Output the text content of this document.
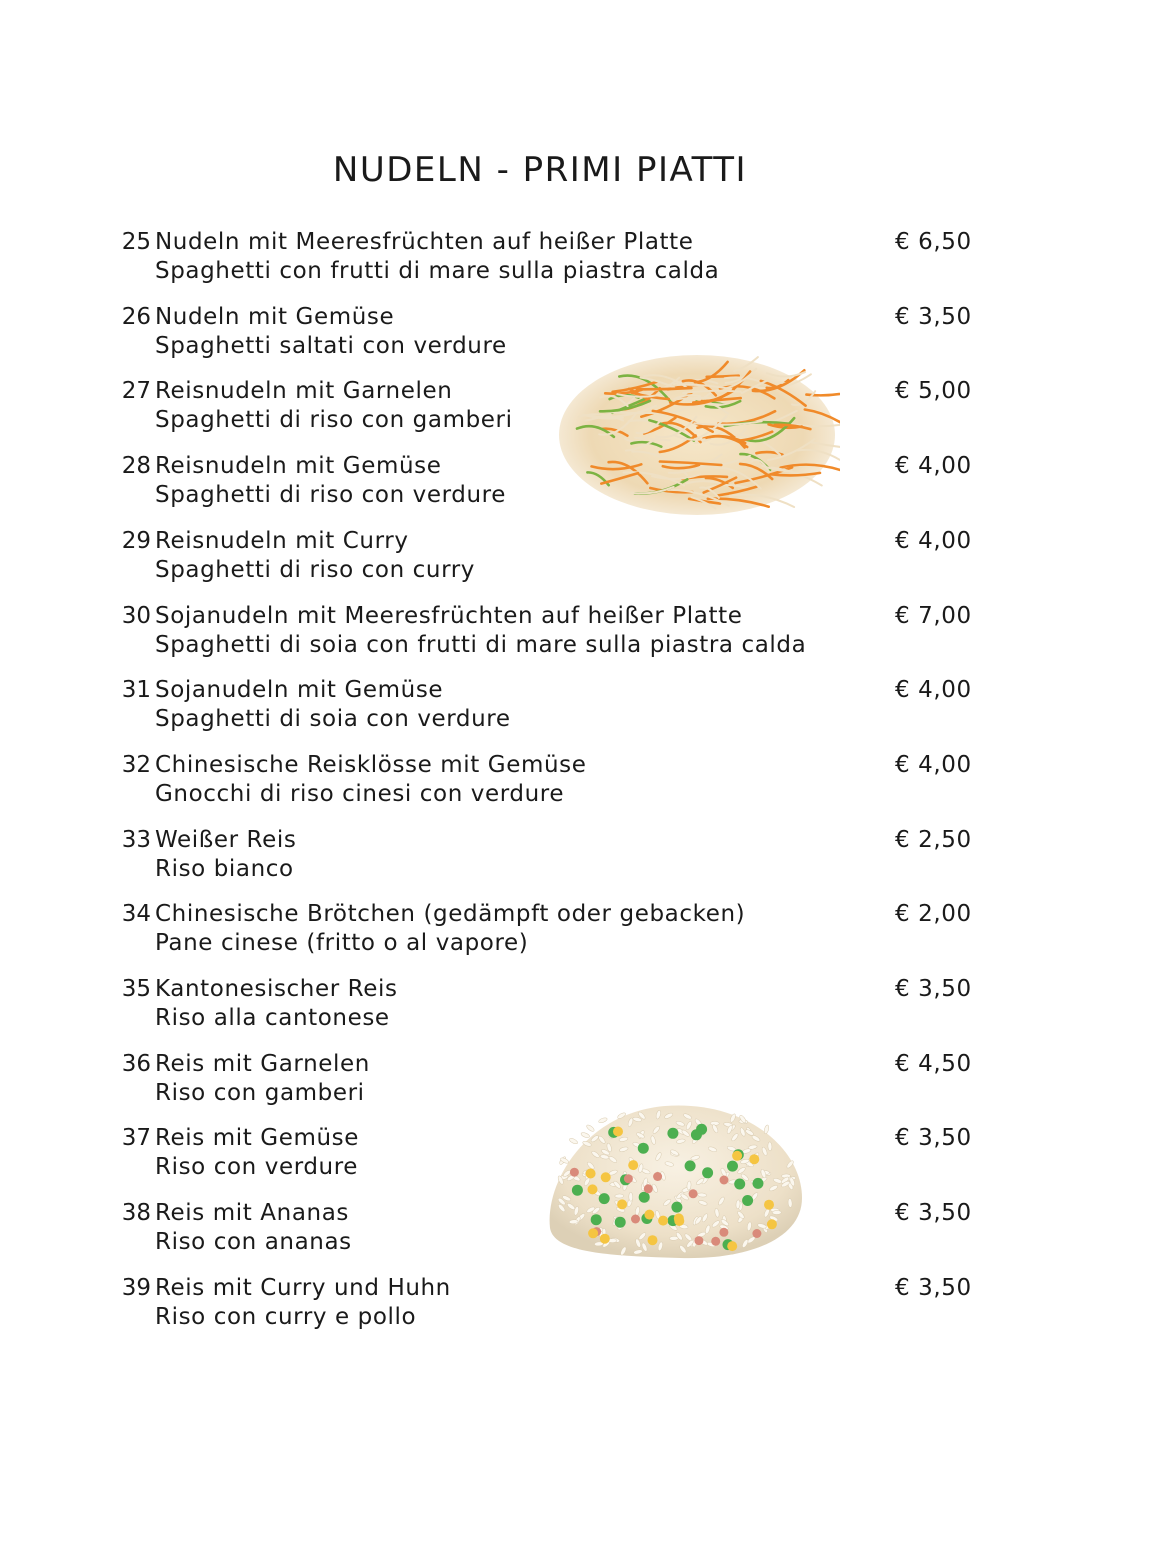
NUDELN - PRIMI PIATTI
25 Nudeln mit Meeresfrüchten auf heißer Platte
Spaghetti con frutti di mare sulla piastra calda
€ 6,50
26 Nudeln mit Gemüse
Spaghetti saltati con verdure
€ 3,50
27 Reisnudeln mit Garnelen
Spaghetti di riso con gamberi
€ 5,00
28 Reisnudeln mit Gemüse
Spaghetti di riso con verdure
€ 4,00
29 Reisnudeln mit Curry
Spaghetti di riso con curry
€ 4,00
30 Sojanudeln mit Meeresfrüchten auf heißer Platte
Spaghetti di soia con frutti di mare sulla piastra calda
€ 7,00
31 Sojanudeln mit Gemüse
Spaghetti di soia con verdure
€ 4,00
32 Chinesische Reisklösse mit Gemüse
Gnocchi di riso cinesi con verdure
€ 4,00
33 Weißer Reis
Riso bianco
€ 2,50
34 Chinesische Brötchen (gedämpft oder gebacken)
Pane cinese (fritto o al vapore)
€ 2,00
35 Kantonesischer Reis
Riso alla cantonese
€ 3,50
36 Reis mit Garnelen
Riso con gamberi
€ 4,50
37 Reis mit Gemüse
Riso con verdure
€ 3,50
38 Reis mit Ananas
Riso con ananas
€ 3,50
39 Reis mit Curry und Huhn
Riso con curry e pollo
€ 3,50
